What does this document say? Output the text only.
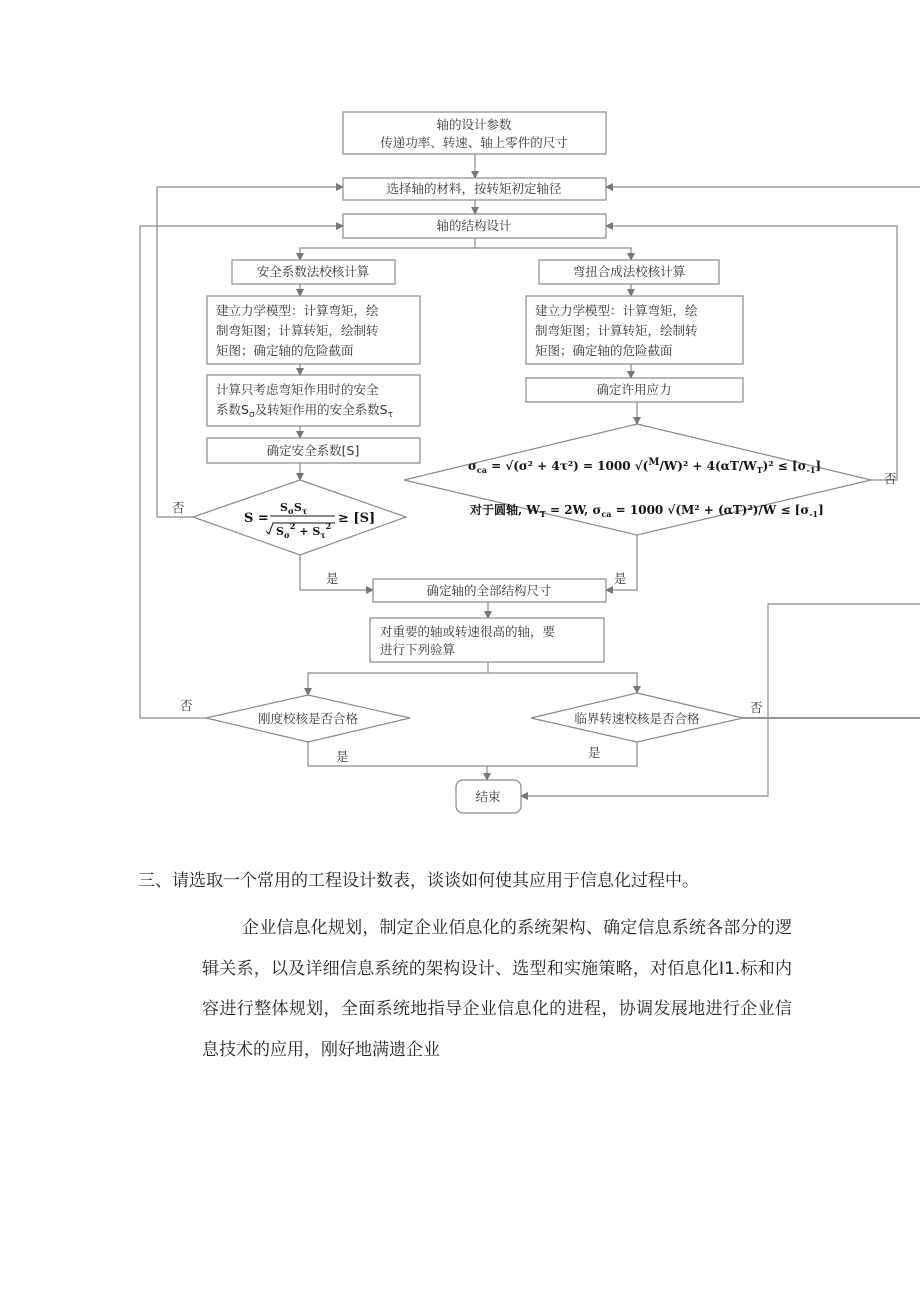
轴的设计参数
传递功率、转速、轴上零件的尺寸
选择轴的材料，按转矩初定轴径
轴的结构设计
安全系数法校核计算	弯扭合成法校核计算
建立力学模型：计算弯矩，绘
制弯矩图；计算转矩，绘制转
矩图；确定轴的危险截面
建立力学模型：计算弯矩，绘
制弯矩图；计算转矩，绘制转
矩图；确定轴的危险截面
计算只考虑弯矩作用时的安全
系数$S_\sigma$及转矩作用的安全系数$S_\tau$
确定许用应力
确定安全系数[S]
S =
$S_\sigma S_\tau$
$S_\sigma^2 + S_\tau^2 \ge [S]$
$\sigma_{ca} = √(\sigma^2 + 4\tau^2) = 1000$ $√(^M/W)^2 + 4(\alpha T/W_T)^2 \le [\sigma_{-1}]$
对于圆轴, $W_T = 2W$, $\sigma_{ca} = 1000$ $√(M^2 + (\alpha T)^2)/W \le [\sigma_{-1}]$
确定轴的全部结构尺寸
对重要的轴或转速很高的轴，要
进行下列验算
刚度校核是否合格	临界转速校核是否合格
结束
否
否
否	否
是	是
是	是
三、请选取一个常用的工程设计数表，谈谈如何使其应用于信息化过程中。

企业信息化规划，制定企业佰息化的系统架构、确定信息系统各部分的逻辑关系，以及详细信息系统的架构设计、选型和实施策略，对佰息化I1.标和内容进行整体规划，全面系统地指导企业信息化的进程，协调发展地进行企业信息技术的应用，刚好地满遗企业
